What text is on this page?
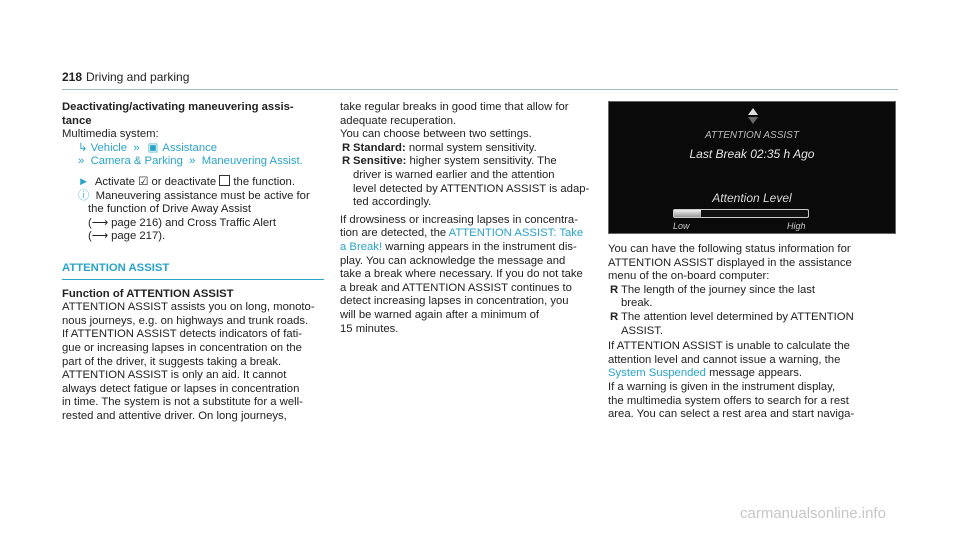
218 Driving and parking

Deactivating/activating maneuvering assis-
tance

Multimedia system:

↳ Vehicle  »  ▣ Assistance

»  Camera & Parking  »  Maneuvering Assist.

► Activate ☑ or deactivate the function.

ⓘ Maneuvering assistance must be active for

the function of Drive Away Assist

(⟶ page 216) and Cross Traffic Alert

(⟶ page 217).

ATTENTION ASSIST

Function of ATTENTION ASSIST

ATTENTION ASSIST assists you on long, monoto-

nous journeys, e.g. on highways and trunk roads.

If ATTENTION ASSIST detects indicators of fati-

gue or increasing lapses in concentration on the

part of the driver, it suggests taking a break.

ATTENTION ASSIST is only an aid. It cannot

always detect fatigue or lapses in concentration

in time. The system is not a substitute for a well-

rested and attentive driver. On long journeys,

take regular breaks in good time that allow for

adequate recuperation.

You can choose between two settings.

R Standard: normal system sensitivity.
R Sensitive: higher system sensitivity. The
driver is warned earlier and the attention
level detected by ATTENTION ASSIST is adap-
ted accordingly.

If drowsiness or increasing lapses in concentra-

tion are detected, the ATTENTION ASSIST: Take

a Break! warning appears in the instrument dis-

play. You can acknowledge the message and

take a break where necessary. If you do not take

a break and ATTENTION ASSIST continues to

detect increasing lapses in concentration, you

will be warned again after a minimum of

15 minutes.

ATTENTION ASSIST
Last Break 02:35 h Ago
Attention Level
Low	High

You can have the following status information for

ATTENTION ASSIST displayed in the assistance

menu of the on-board computer:

R The length of the journey since the last
break.
R The attention level determined by ATTENTION
ASSIST.

If ATTENTION ASSIST is unable to calculate the

attention level and cannot issue a warning, the

System Suspended message appears.

If a warning is given in the instrument display,

the multimedia system offers to search for a rest

area. You can select a rest area and start naviga-

carmanualsonline.info
